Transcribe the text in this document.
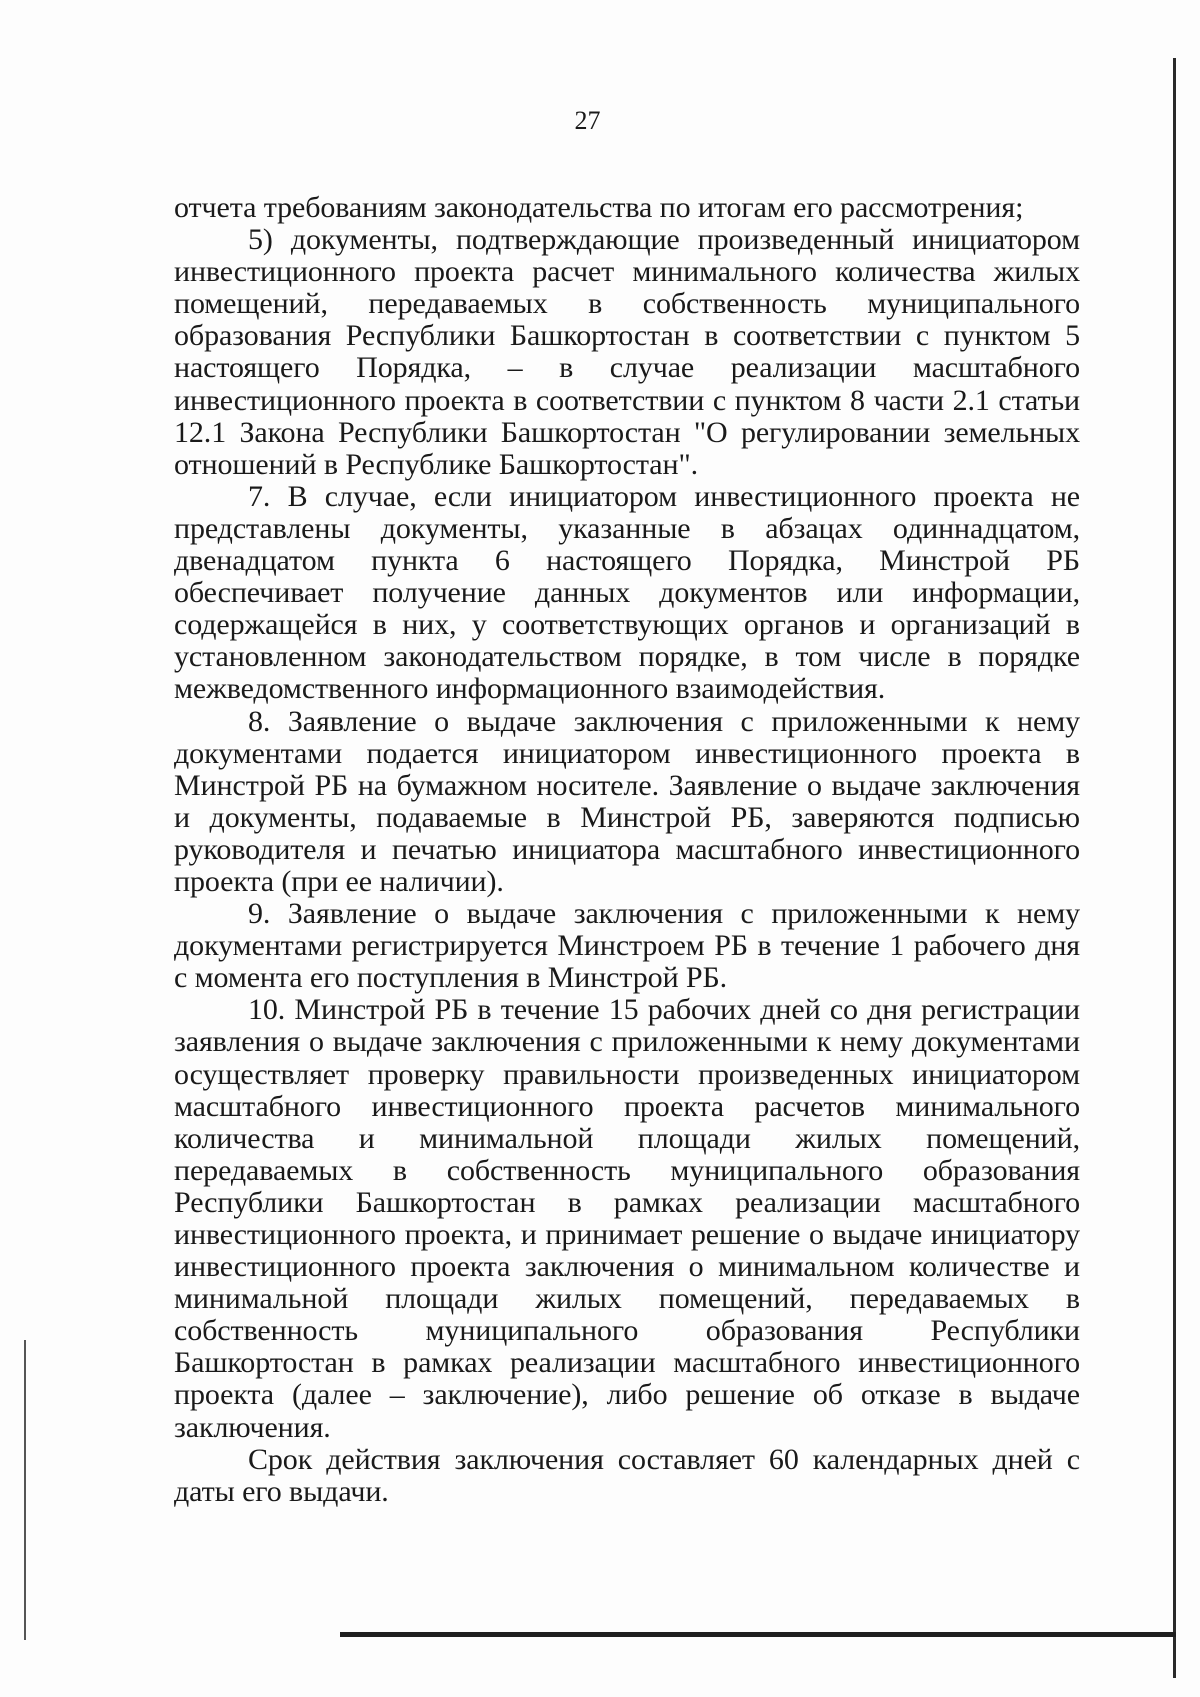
27

отчета требованиям законодательства по итогам его рассмотрения;

5) документы, подтверждающие произведенный инициатором инвестиционного проекта расчет минимального количества жилых помещений, передаваемых в собственность муниципального образования Республики Башкортостан в соответствии с пунктом 5 настоящего Порядка, – в случае реализации масштабного инвестиционного проекта в соответствии с пунктом 8 части 2.1 статьи 12.1 Закона Республики Башкортостан "О регулировании земельных отношений в Республике Башкортостан".

7. В случае, если инициатором инвестиционного проекта не представлены документы, указанные в абзацах одиннадцатом, двенадцатом пункта 6 настоящего Порядка, Минстрой РБ обеспечивает получение данных документов или информации, содержащейся в них, у соответствующих органов и организаций в установленном законодательством порядке, в том числе в порядке межведомственного информационного взаимодействия.

8. Заявление о выдаче заключения с приложенными к нему документами подается инициатором инвестиционного проекта в Минстрой РБ на бумажном носителе. Заявление о выдаче заключения и документы, подаваемые в Минстрой РБ, заверяются подписью руководителя и печатью инициатора масштабного инвестиционного проекта (при ее наличии).

9. Заявление о выдаче заключения с приложенными к нему документами регистрируется Минстроем РБ в течение 1 рабочего дня с момента его поступления в Минстрой РБ.

10. Минстрой РБ в течение 15 рабочих дней со дня регистрации заявления о выдаче заключения с приложенными к нему документами осуществляет проверку правильности произведенных инициатором масштабного инвестиционного проекта расчетов минимального количества и минимальной площади жилых помещений, передаваемых в собственность муниципального образования Республики Башкортостан в рамках реализации масштабного инвестиционного проекта, и принимает решение о выдаче инициатору инвестиционного проекта заключения о минимальном количестве и минимальной площади жилых помещений, передаваемых в собственность муниципального образования Республики Башкортостан в рамках реализации масштабного инвестиционного проекта (далее – заключение), либо решение об отказе в выдаче заключения.

Срок действия заключения составляет 60 календарных дней с даты его выдачи.
